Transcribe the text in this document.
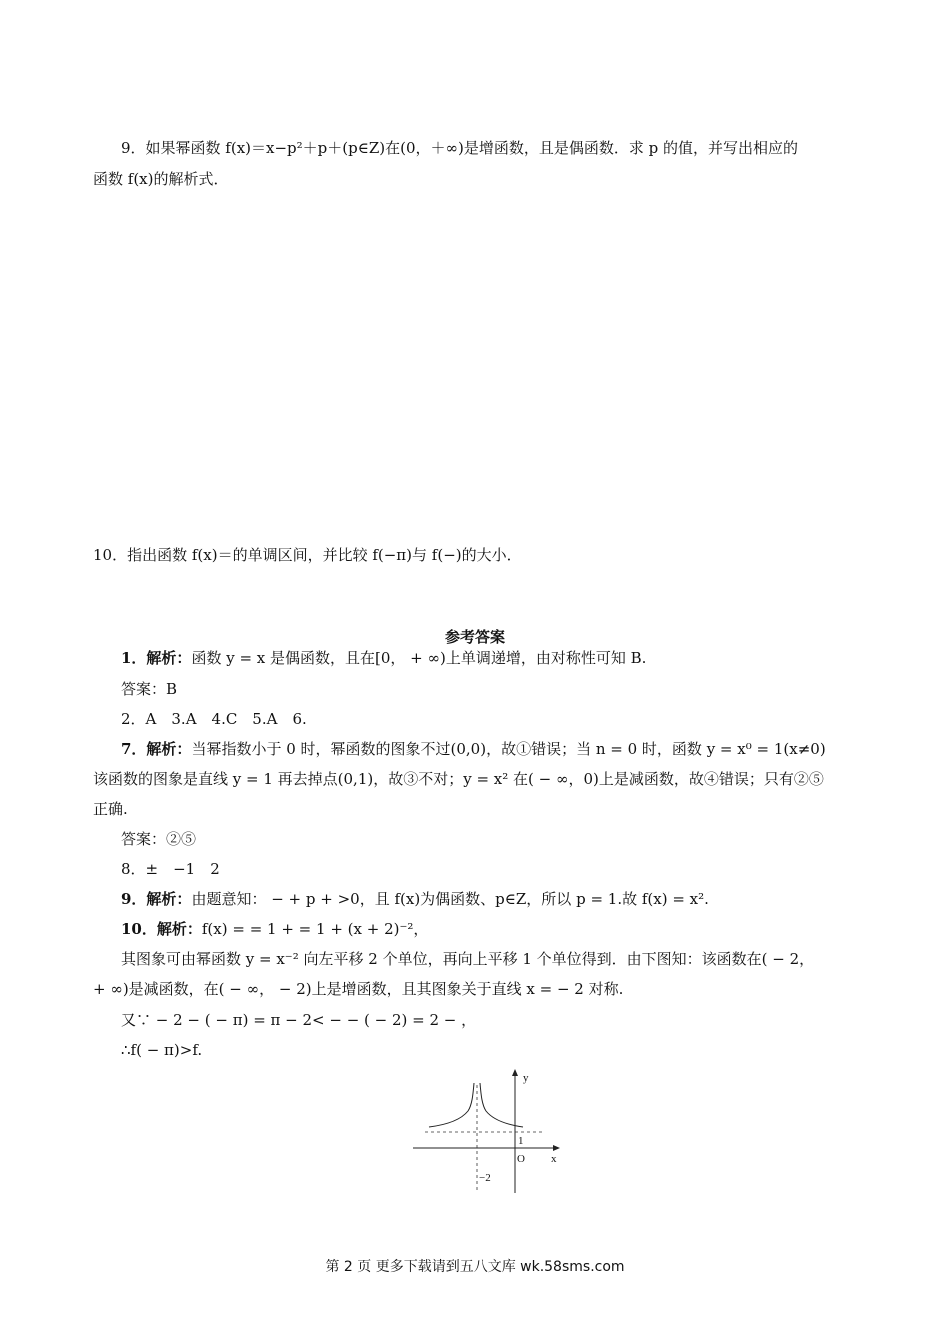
9．如果幂函数 f(x)＝x−p²＋p＋(p∈Z)在(0，＋∞)是增函数，且是偶函数．求 p 的值，并写出相应的
函数 f(x)的解析式．
10．指出函数 f(x)＝的单调区间，并比较 f(−π)与 f(−)的大小．
参考答案
1．解析：函数 y = x 是偶函数，且在[0， + ∞)上单调递增，由对称性可知 B.
答案：B
2．A　3.A　4.C　5.A　6.
7．解析：当幂指数小于 0 时，幂函数的图象不过(0,0)，故①错误；当 n = 0 时，函数 y = x⁰ = 1(x≠0)
该函数的图象是直线 y = 1 再去掉点(0,1)，故③不对；y = x² 在( − ∞，0)上是减函数，故④错误；只有②⑤
正确.
答案：②⑤
8．±　−1　2
9．解析：由题意知： − + p + >0，且 f(x)为偶函数、p∈Z，所以 p = 1.故 f(x) = x².
10．解析：f(x) = = 1 + = 1 + (x + 2)⁻²，
其图象可由幂函数 y = x⁻² 向左平移 2 个单位，再向上平移 1 个单位得到．由下图知：该函数在( − 2，
+ ∞)是减函数，在( − ∞， − 2)上是增函数，且其图象关于直线 x = − 2 对称.
又∵ − 2 − ( − π) = π − 2< − − ( − 2) = 2 − ，
∴f( − π)>f.
y
x
O
1
−2
第 2 页 更多下载请到五八文库 wk.58sms.com
